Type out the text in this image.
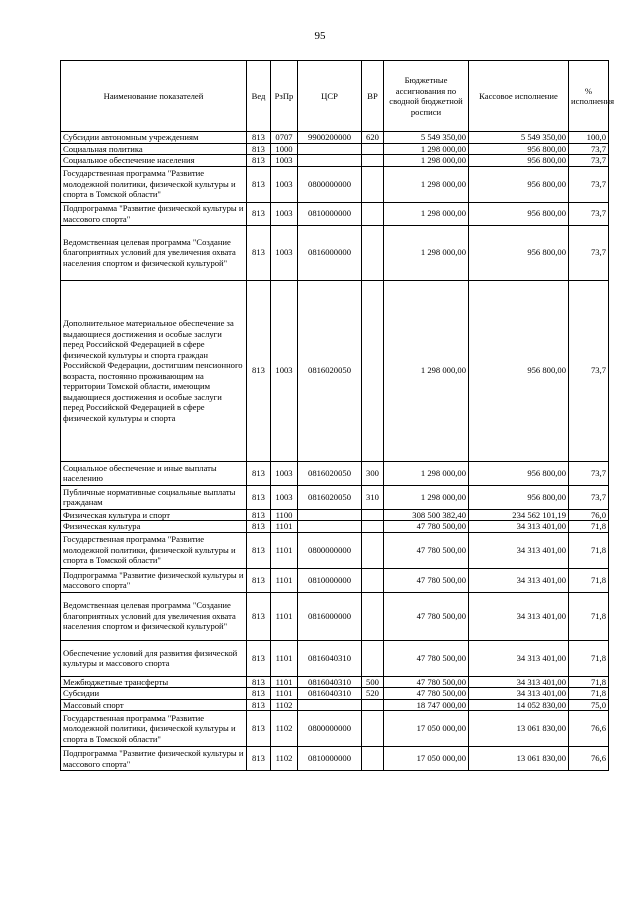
95
Наименование показателей	Вед	РзПр	ЦСР	ВР	Бюджетные ассигнования по сводной бюджетной росписи	Кассовое исполнение	% исполнения
Субсидии автономным учреждениям	813	0707	9900200000	620	5 549 350,00	5 549 350,00	100,0
Социальная политика	813	1000			1 298 000,00	956 800,00	73,7
Социальное обеспечение населения	813	1003			1 298 000,00	956 800,00	73,7
Государственная программа "Развитие молодежной политики, физической культуры и спорта в Томской области"	813	1003	0800000000		1 298 000,00	956 800,00	73,7
Подпрограмма "Развитие физической культуры и массового спорта"	813	1003	0810000000		1 298 000,00	956 800,00	73,7
Ведомственная целевая программа "Создание благоприятных условий для увеличения охвата населения спортом и физической культурой"	813	1003	0816000000		1 298 000,00	956 800,00	73,7
Дополнительное материальное обеспечение за выдающиеся достижения и особые заслуги перед Российской Федерацией в сфере физической культуры и спорта граждан Российской Федерации, достигшим пенсионного возраста, постоянно проживающим на территории Томской области, имеющим выдающиеся достижения и особые заслуги перед Российской Федерацией в сфере физической культуры и спорта	813	1003	0816020050		1 298 000,00	956 800,00	73,7
Социальное обеспечение и иные выплаты населению	813	1003	0816020050	300	1 298 000,00	956 800,00	73,7
Публичные нормативные социальные выплаты гражданам	813	1003	0816020050	310	1 298 000,00	956 800,00	73,7
Физическая культура и спорт	813	1100			308 500 382,40	234 562 101,19	76,0
Физическая культура	813	1101			47 780 500,00	34 313 401,00	71,8
Государственная программа "Развитие молодежной политики, физической культуры и спорта в Томской области"	813	1101	0800000000		47 780 500,00	34 313 401,00	71,8
Подпрограмма "Развитие физической культуры и массового спорта"	813	1101	0810000000		47 780 500,00	34 313 401,00	71,8
Ведомственная целевая программа "Создание благоприятных условий для увеличения охвата населения спортом и физической культурой"	813	1101	0816000000		47 780 500,00	34 313 401,00	71,8
Обеспечение условий для развития физической культуры и массового спорта	813	1101	0816040310		47 780 500,00	34 313 401,00	71,8
Межбюджетные трансферты	813	1101	0816040310	500	47 780 500,00	34 313 401,00	71,8
Субсидии	813	1101	0816040310	520	47 780 500,00	34 313 401,00	71,8
Массовый спорт	813	1102			18 747 000,00	14 052 830,00	75,0
Государственная программа "Развитие молодежной политики, физической культуры и спорта в Томской области"	813	1102	0800000000		17 050 000,00	13 061 830,00	76,6
Подпрограмма "Развитие физической культуры и массового спорта"	813	1102	0810000000		17 050 000,00	13 061 830,00	76,6
